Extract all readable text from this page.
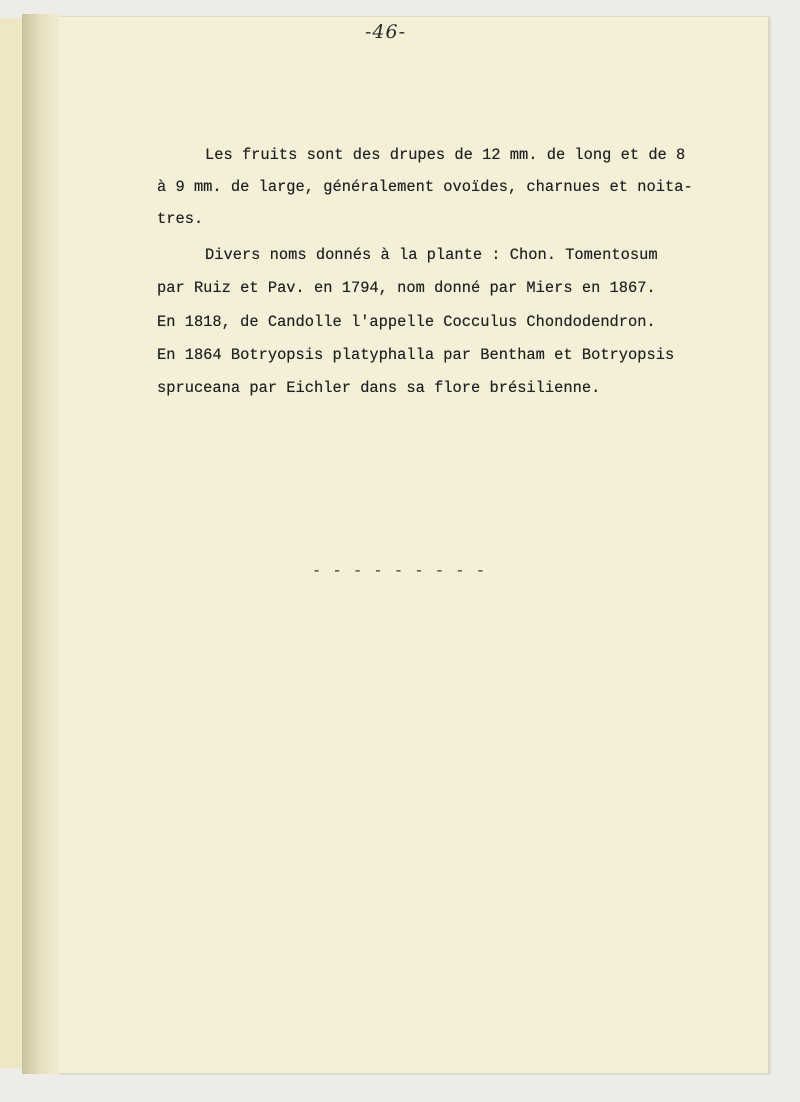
-46-

Les fruits sont des drupes de 12 mm. de long et de 8

à 9 mm. de large, généralement ovoïdes, charnues et noita-

tres.

Divers noms donnés à la plante : Chon. Tomentosum

par Ruiz et Pav. en 1794, nom donné par Miers en 1867.

En 1818, de Candolle l'appelle Cocculus Chondodendron.

En 1864 Botryopsis platyphalla par Bentham et Botryopsis

spruceana par Eichler dans sa flore brésilienne.

- - - - - - - - -
